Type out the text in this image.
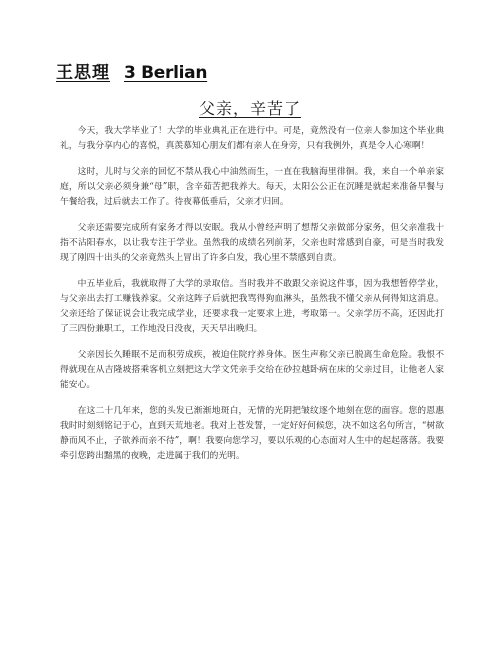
王思理 3 Berlian
父亲，辛苦了

今天，我大学毕业了！大学的毕业典礼正在进行中。可是，竟然没有一位亲人参加这个毕业典礼，与我分享内心的喜悦，真羡慕知心朋友们都有亲人在身旁，只有我例外，真是令人心寒啊！

这时，儿时与父亲的回忆不禁从我心中油然而生，一直在我脑海里徘徊。我，来自一个单亲家庭，所以父亲必须身兼“母”职，含辛茹苦把我养大。每天，太阳公公正在沉睡是就起来准备早餐与午餐给我，过后就去工作了。待夜幕低垂后，父亲才归回。

父亲还需要完成所有家务才得以安眠。我从小曾经声明了想帮父亲做部分家务，但父亲准我十指不沾阳春水，以让我专注于学业。虽然我的成绩名列前茅，父亲也时常感到自豪，可是当时我发现了刚四十出头的父亲竟然头上冒出了许多白发，我心里不禁感到自责。

中五毕业后，我就取得了大学的录取信。当时我并不敢跟父亲说这件事，因为我想暂停学业，与父亲出去打工赚钱养家。父亲这阵子后就把我骂得狗血淋头，虽然我不懂父亲从何得知这消息。父亲还给了保证说会让我完成学业，还要求我一定要求上进，考取第一。父亲学历不高，还因此打了三四份兼职工，工作地没日没夜，天天早出晚归。

父亲因长久睡眠不足而积劳成疾，被迫住院疗养身体。医生声称父亲已脱离生命危险。我恨不得就现在从吉隆坡搭乘客机立刻把这大学文凭亲手交给在砂拉越卧病在床的父亲过目，让他老人家能安心。

在这二十几年来，您的头发已渐渐地斑白，无情的光阴把皱纹逐个地刻在您的面容。您的恩惠我时时刻刻铭记于心，直到天荒地老。我对上苍发誓，一定好好何候您，决不如这名句所言，“树欲静而风不止，子欲养而亲不待”，啊！我要向您学习，要以乐观的心态面对人生中的起起落落。我要牵引您跨出黯黑的夜晚，走进属于我们的光明。
